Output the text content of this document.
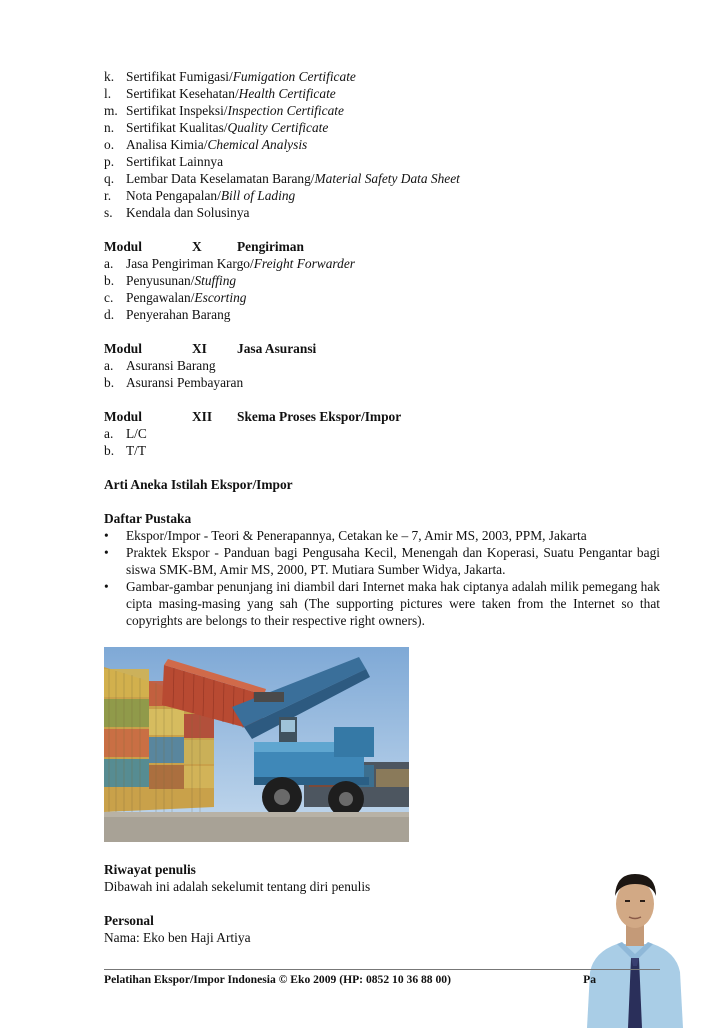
k. Sertifikat Fumigasi/ Fumigation Certificate
l.	Sertifikat Kesehatan/ Health Certificate
m. Sertifikat Inspeksi/ Inspection Certificate
n. Sertifikat Kualitas/ Quality Certificate
o. Analisa Kimia/ Chemical Analysis
p. Sertifikat Lainnya
q. Lembar Data Keselamatan Barang/ Material Safety Data Sheet
r.	Nota Pengapalan/ Bill of Lading
s.	Kendala dan Solusinya
Modul	X	Pengiriman
a. Jasa Pengiriman Kargo/ Freight Forwarder
b. Penyusunan/ Stuffing
c. Pengawalan/ Escorting
d. Penyerahan Barang
Modul	XI	Jasa Asuransi
a. Asuransi Barang
b. Asuransi Pembayaran
Modul	XII	Skema Proses Ekspor/Impor
a. L/C
b. T/T
Arti Aneka Istilah Ekspor/Impor
Daftar Pustaka
•	Ekspor/Impor - Teori & Penerapannya, Cetakan ke – 7, Amir MS, 2003, PPM, Jakarta
•	Praktek Ekspor - Panduan bagi Pengusaha Kecil, Menengah dan Koperasi, Suatu Pengantar bagi siswa SMK-BM, Amir MS, 2000, PT. Mutiara Sumber Widya, Jakarta.
•	Gambar-gambar penunjang ini diambil dari Internet maka hak ciptanya adalah milik pemegang hak cipta masing-masing yang sah (The supporting pictures were taken from the Internet so that copyrights are belongs to their respective right owners).
Riwayat penulis
Dibawah ini adalah sekelumit tentang diri penulis
Personal
Nama: Eko ben Haji Artiya
Pelatihan Ekspor/Impor Indonesia © Eko 2009 (HP: 0852 10 36 88 00)	Pa
